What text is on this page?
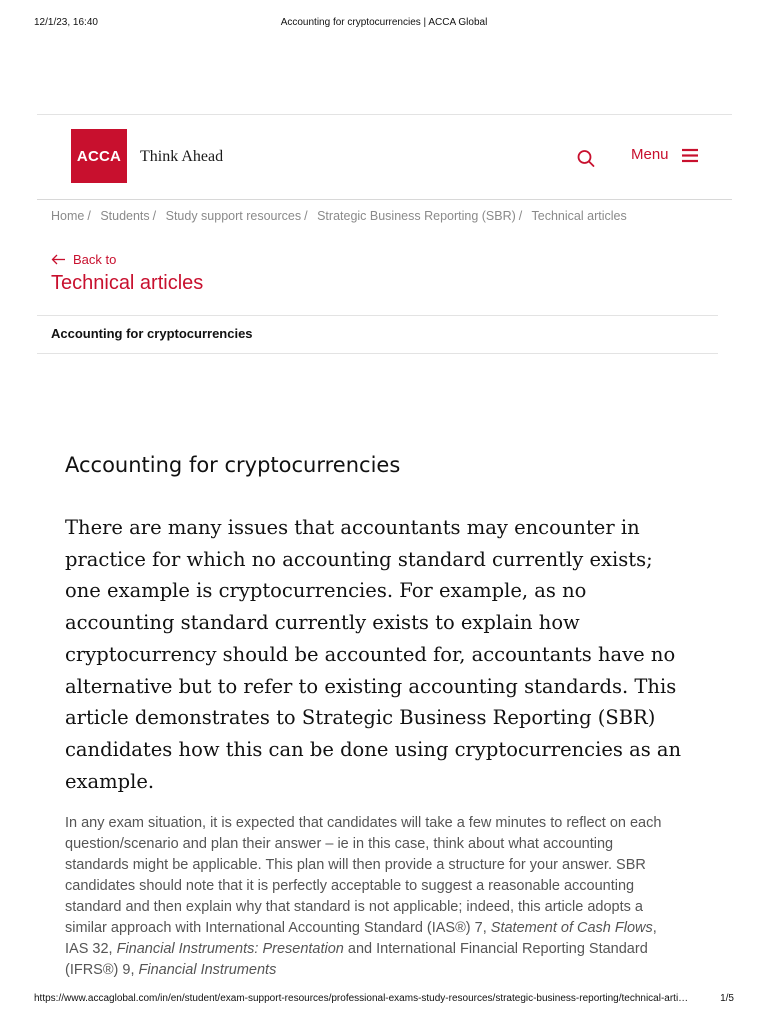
12/1/23, 16:40	Accounting for cryptocurrencies | ACCA Global
ACCA Think Ahead	Menu
Home / Students / Study support resources / Strategic Business Reporting (SBR) / Technical articles
Back to
Technical articles
Accounting for cryptocurrencies
Accounting for cryptocurrencies

There are many issues that accountants may encounter in practice for which no accounting standard currently exists; one example is cryptocurrencies. For example, as no accounting standard currently exists to explain how cryptocurrency should be accounted for, accountants have no alternative but to refer to existing accounting standards. This article demonstrates to Strategic Business Reporting (SBR) candidates how this can be done using cryptocurrencies as an example.

In any exam situation, it is expected that candidates will take a few minutes to reflect on each question/scenario and plan their answer – ie in this case, think about what accounting standards might be applicable. This plan will then provide a structure for your answer. SBR candidates should note that it is perfectly acceptable to suggest a reasonable accounting standard and then explain why that standard is not applicable; indeed, this article adopts a similar approach with International Accounting Standard (IAS®) 7, Statement of Cash Flows, IAS 32, Financial Instruments: Presentation and International Financial Reporting Standard (IFRS®) 9, Financial Instruments

https://www.accaglobal.com/in/en/student/exam-support-resources/professional-exams-study-resources/strategic-business-reporting/technical-arti…	1/5
